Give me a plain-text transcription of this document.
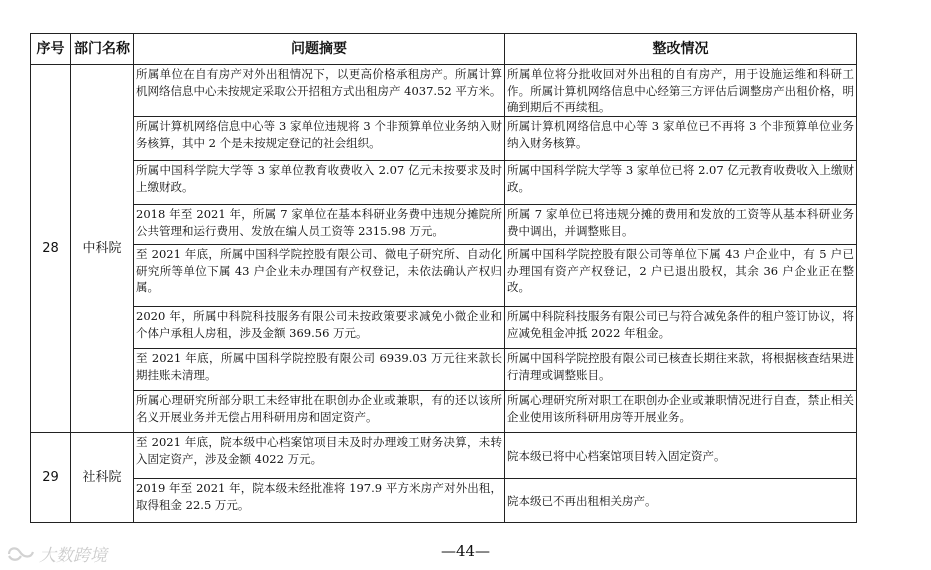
序号	部门名称	问题摘要	整改情况
28	中科院	所属单位在自有房产对外出租情况下，以更高价格承租房产。所属计算机网络信息中心未按规定采取公开招租方式出租房产 4037.52 平方米。	所属单位将分批收回对外出租的自有房产，用于设施运维和科研工作。所属计算机网络信息中心经第三方评估后调整房产出租价格，明确到期后不再续租。
		所属计算机网络信息中心等 3 家单位违规将 3 个非预算单位业务纳入财务核算，其中 2 个是未按规定登记的社会组织。	所属计算机网络信息中心等 3 家单位已不再将 3 个非预算单位业务纳入财务核算。
		所属中国科学院大学等 3 家单位教育收费收入 2.07 亿元未按要求及时上缴财政。	所属中国科学院大学等 3 家单位已将 2.07 亿元教育收费收入上缴财政。
		2018 年至 2021 年，所属 7 家单位在基本科研业务费中违规分摊院所公共管理和运行费用、发放在编人员工资等 2315.98 万元。	所属 7 家单位已将违规分摊的费用和发放的工资等从基本科研业务费中调出，并调整账目。
		至 2021 年底，所属中国科学院控股有限公司、微电子研究所、自动化研究所等单位下属 43 户企业未办理国有产权登记，未依法确认产权归属。	所属中国科学院控股有限公司等单位下属 43 户企业中，有 5 户已办理国有资产产权登记，2 户已退出股权，其余 36 户企业正在整改。
		2020 年，所属中科院科技服务有限公司未按政策要求减免小微企业和个体户承租人房租，涉及金额 369.56 万元。	所属中科院科技服务有限公司已与符合减免条件的租户签订协议，将应减免租金冲抵 2022 年租金。
		至 2021 年底，所属中国科学院控股有限公司 6939.03 万元往来款长期挂账未清理。	所属中国科学院控股有限公司已核查长期往来款，将根据核查结果进行清理或调整账目。
		所属心理研究所部分职工未经审批在职创办企业或兼职，有的还以该所名义开展业务并无偿占用科研用房和固定资产。	所属心理研究所对职工在职创办企业或兼职情况进行自查，禁止相关企业使用该所科研用房等开展业务。
29	社科院	至 2021 年底，院本级中心档案馆项目未及时办理竣工财务决算，未转入固定资产，涉及金额 4022 万元。	院本级已将中心档案馆项目转入固定资产。
		2019 年至 2021 年，院本级未经批准将 197.9 平方米房产对外出租，取得租金 22.5 万元。	院本级已不再出租相关房产。
—44—
大数跨境
